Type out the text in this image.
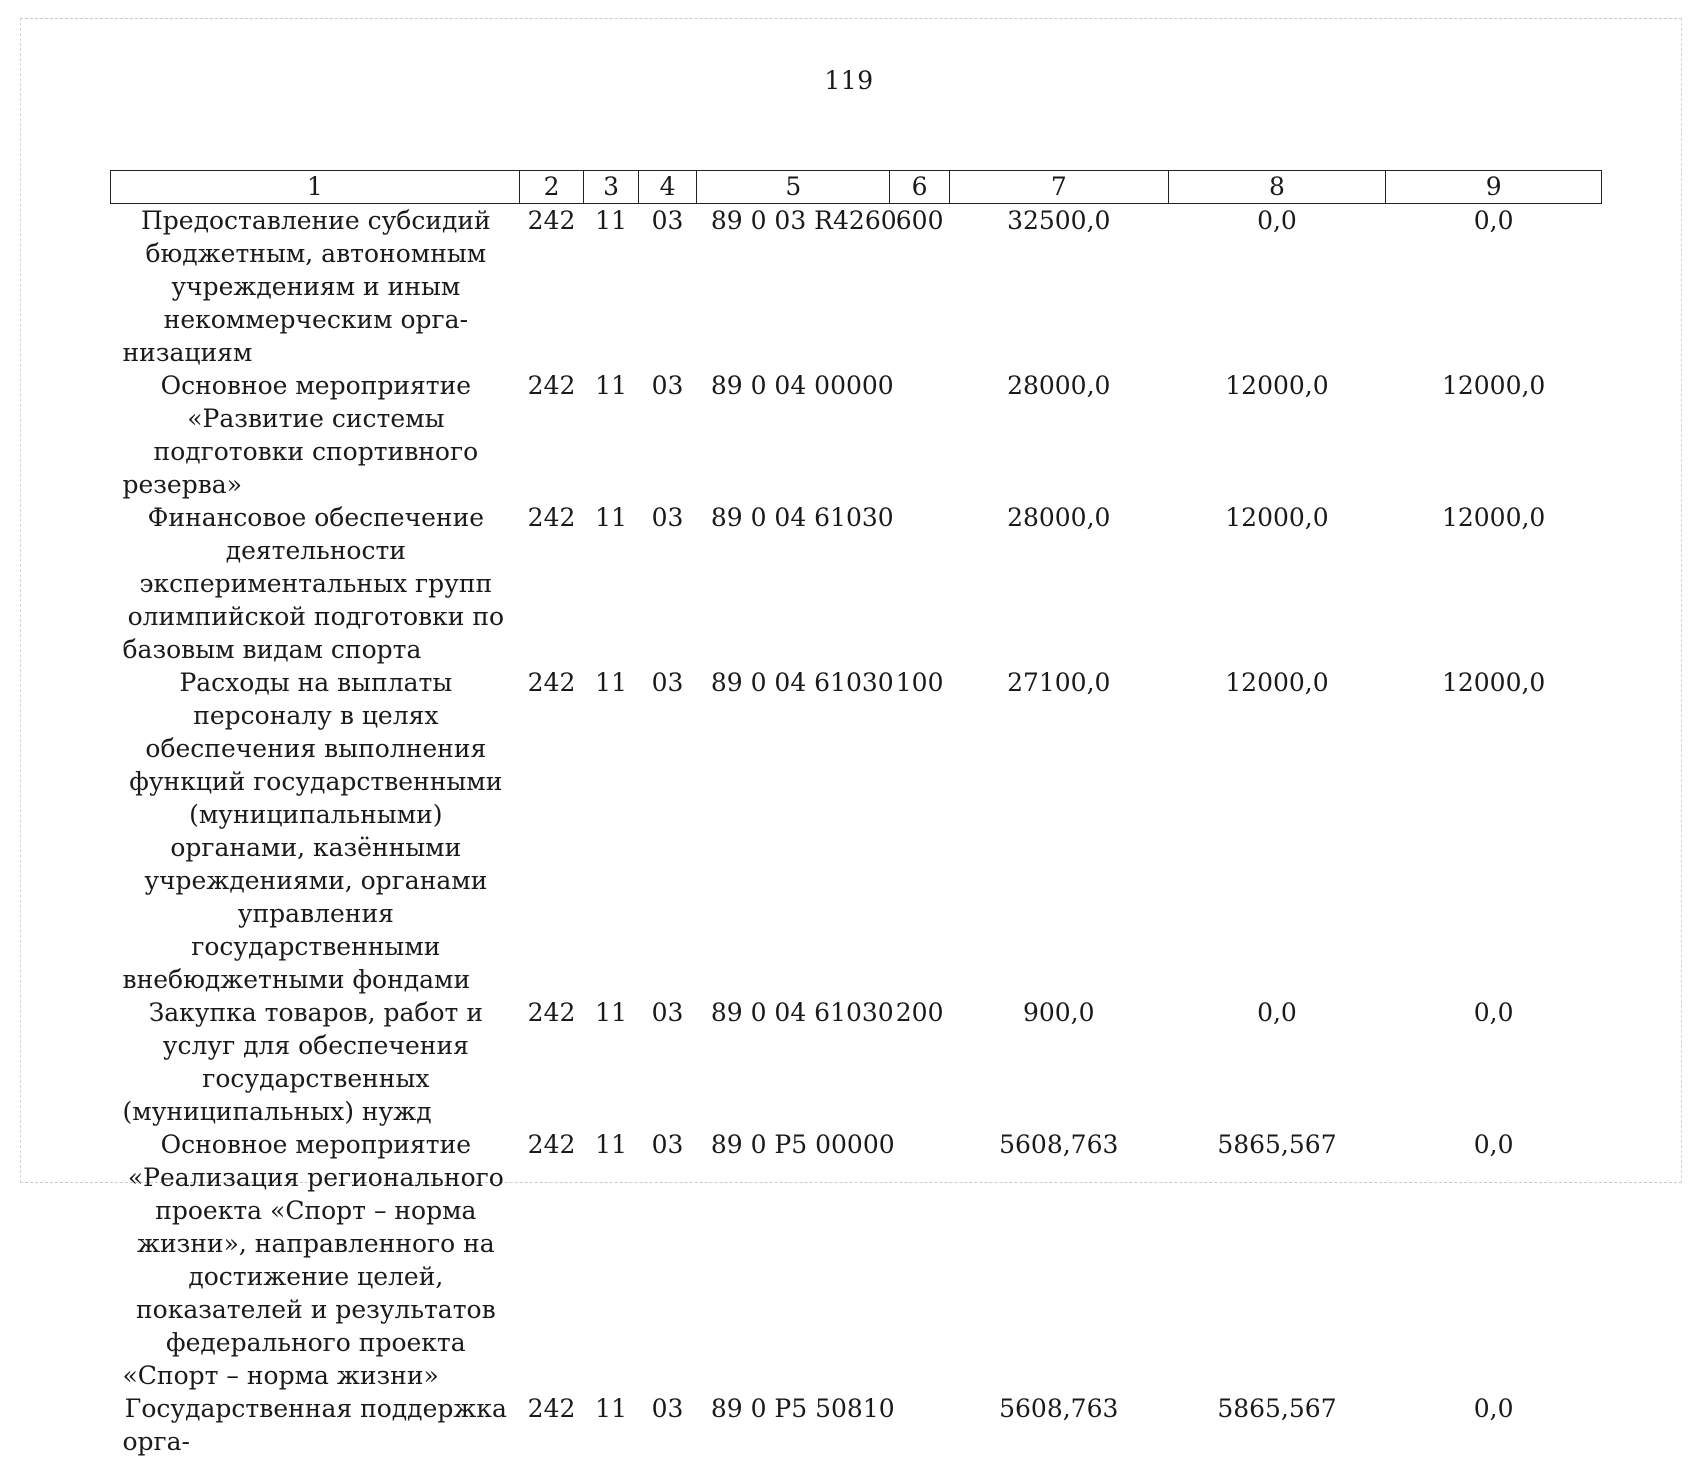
119
1	2	3	4	5	6	7	8	9
Предоставление субсидий бюджетным, автономным учреждениям и иным некоммерческим организациям	242	11	03	89 0 03 R4260	600	32500,0	0,0	0,0
Основное мероприятие «Развитие системы подготовки спортивного резерва»	242	11	03	89 0 04 00000		28000,0	12000,0	12000,0
Финансовое обеспечение деятельности экспериментальных групп олимпийской подготовки по базовым видам спорта	242	11	03	89 0 04 61030		28000,0	12000,0	12000,0
Расходы на выплаты персоналу в целях обеспечения выполнения функций государственными (муниципальными) органами, казёнными учреждениями, органами управления государственными внебюджетными фондами	242	11	03	89 0 04 61030	100	27100,0	12000,0	12000,0
Закупка товаров, работ и услуг для обеспечения государственных (муниципальных) нужд	242	11	03	89 0 04 61030	200	900,0	0,0	0,0
Основное мероприятие «Реализация регионального проекта «Спорт – норма жизни», направленного на достижение целей, показателей и результатов федерального проекта «Спорт – норма жизни»	242	11	03	89 0 P5 00000		5608,763	5865,567	0,0
Государственная поддержка орга-	242	11	03	89 0 P5 50810		5608,763	5865,567	0,0
